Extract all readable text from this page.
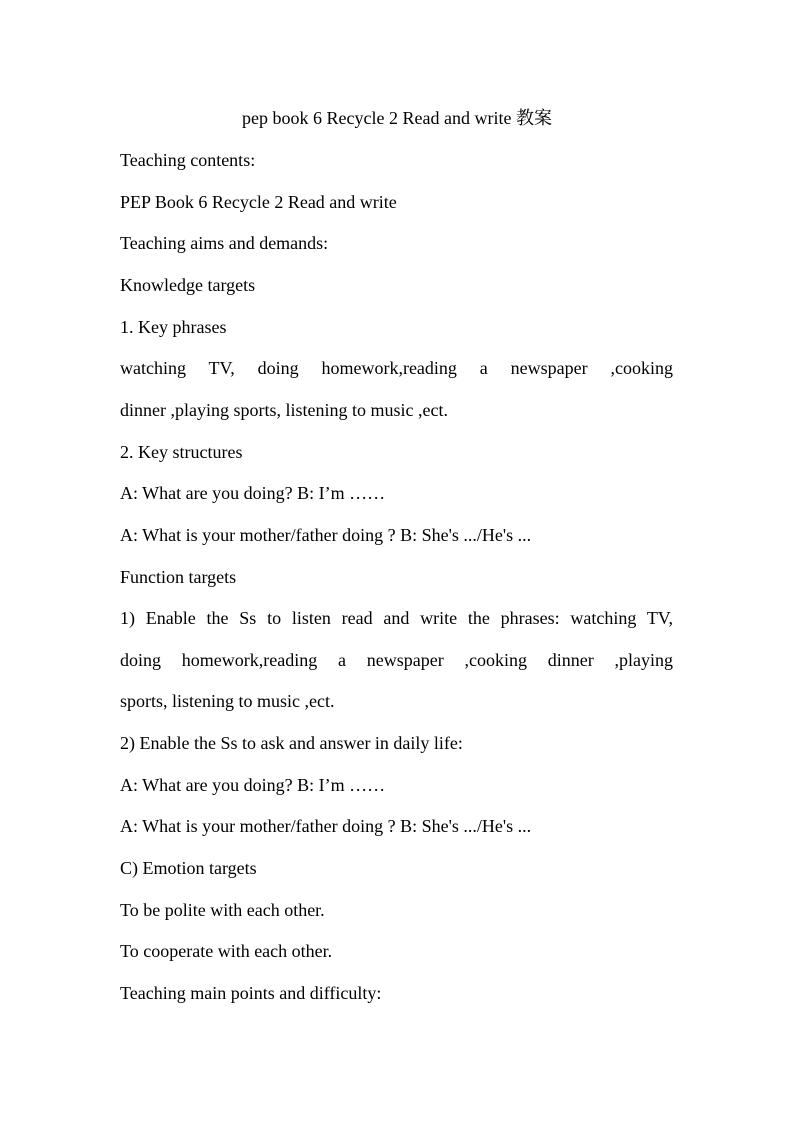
pep book 6 Recycle 2 Read and write 教案
Teaching contents:
PEP Book 6 Recycle 2 Read and write
Teaching aims and demands:
Knowledge targets
1. Key phrases
watching TV, doing homework,reading a newspaper ,cooking
dinner ,playing sports, listening to music ,ect.
2. Key structures
A: What are you doing? B: I’m ……
A: What is your mother/father doing ? B: She's .../He's ...
Function targets
1) Enable the Ss to listen read and write the phrases: watching TV,
doing homework,reading a newspaper ,cooking dinner ,playing
sports, listening to music ,ect.
2) Enable the Ss to ask and answer in daily life:
A: What are you doing? B: I’m ……
A: What is your mother/father doing ? B: She's .../He's ...
C) Emotion targets
To be polite with each other.
To cooperate with each other.
Teaching main points and difficulty:
